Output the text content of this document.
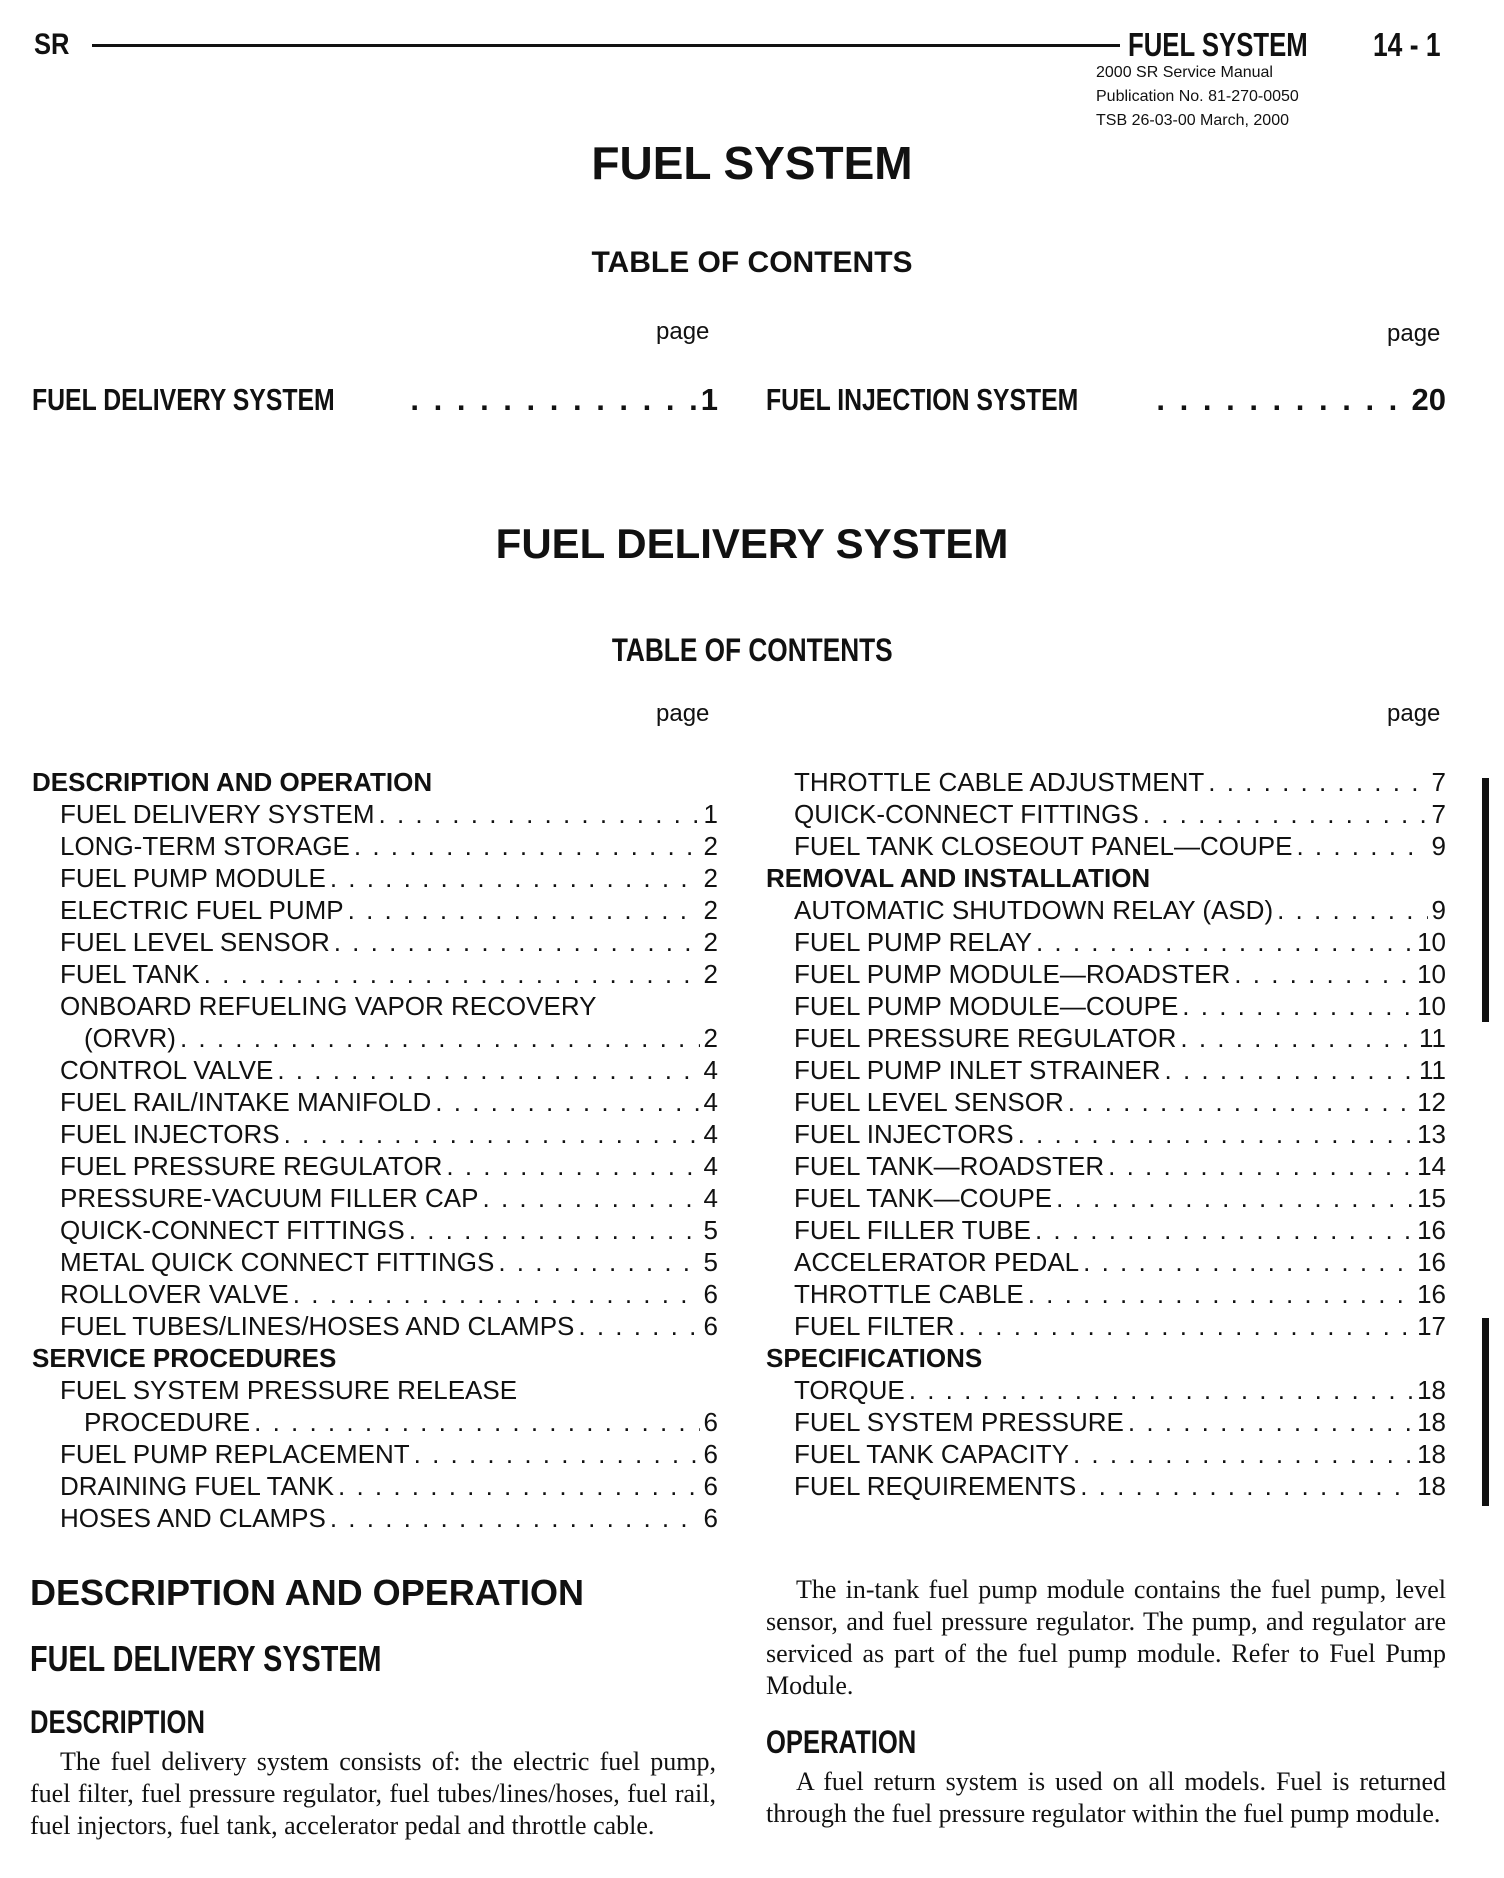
SR	FUEL SYSTEM 14 - 1
2000 SR Service Manual
Publication No. 81-270-0050
TSB 26-03-00 March, 2000
FUEL SYSTEM
TABLE OF CONTENTS
page	page
FUEL DELIVERY SYSTEM . . .	1 FUEL INJECTION SYSTEM . . .	20
FUEL DELIVERY SYSTEM
TABLE OF CONTENTS
page	page
DESCRIPTION AND OPERATION
FUEL DELIVERY SYSTEM . . .	1
LONG-TERM STORAGE . . .	2
FUEL PUMP MODULE . . .	2
ELECTRIC FUEL PUMP . . .	2
FUEL LEVEL SENSOR . . .	2
FUEL TANK . . .	2
ONBOARD REFUELING VAPOR RECOVERY
(ORVR) . . .	2
CONTROL VALVE . . .	4
FUEL RAIL/INTAKE MANIFOLD . . .	4
FUEL INJECTORS . . .	4
FUEL PRESSURE REGULATOR . . .	4
PRESSURE-VACUUM FILLER CAP . . .	4
QUICK-CONNECT FITTINGS . . .	5
METAL QUICK CONNECT FITTINGS . . .	5
ROLLOVER VALVE . . .	6
FUEL TUBES/LINES/HOSES AND CLAMPS . . .	6
SERVICE PROCEDURES
FUEL SYSTEM PRESSURE RELEASE
PROCEDURE . . .	6
FUEL PUMP REPLACEMENT . . .	6
DRAINING FUEL TANK . . .	6
HOSES AND CLAMPS . . .	6
THROTTLE CABLE ADJUSTMENT . . .	7
QUICK-CONNECT FITTINGS . . .	7
FUEL TANK CLOSEOUT PANEL—COUPE . . .	9
REMOVAL AND INSTALLATION
AUTOMATIC SHUTDOWN RELAY (ASD) . . .	9
FUEL PUMP RELAY . . .	10
FUEL PUMP MODULE—ROADSTER . . .	10
FUEL PUMP MODULE—COUPE . . .	10
FUEL PRESSURE REGULATOR . . .	11
FUEL PUMP INLET STRAINER . . .	11
FUEL LEVEL SENSOR . . .	12
FUEL INJECTORS . . .	13
FUEL TANK—ROADSTER . . .	14
FUEL TANK—COUPE . . .	15
FUEL FILLER TUBE . . .	16
ACCELERATOR PEDAL . . .	16
THROTTLE CABLE . . .	16
FUEL FILTER . . .	17
SPECIFICATIONS
TORQUE . . .	18
FUEL SYSTEM PRESSURE . . .	18
FUEL TANK CAPACITY . . .	18
FUEL REQUIREMENTS . . .	18
DESCRIPTION AND OPERATION
FUEL DELIVERY SYSTEM
DESCRIPTION
The fuel delivery system consists of: the electric fuel pump, fuel filter, fuel pressure regulator, fuel tubes/lines/hoses, fuel rail, fuel injectors, fuel tank, accelerator pedal and throttle cable.
The in-tank fuel pump module contains the fuel pump, level sensor, and fuel pressure regulator. The pump, and regulator are serviced as part of the fuel pump module. Refer to Fuel Pump Module.
OPERATION
A fuel return system is used on all models. Fuel is returned through the fuel pressure regulator within the fuel pump module.
